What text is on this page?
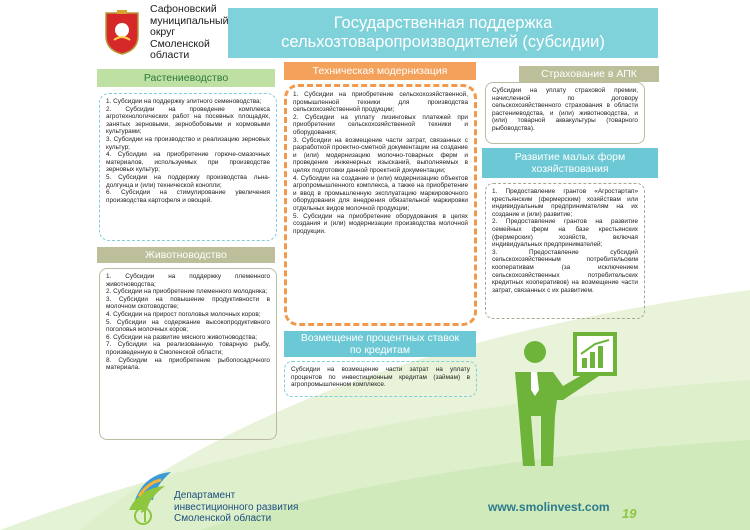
Сафоновский муниципальный округ Смоленской области
Государственная поддержка
сельхозтоваропроизводителей (субсидии)
Растениеводство

1. Субсидии на поддержку элитного семеноводства;

2. Субсидии на проведение комплекса агротехнологических работ на посевных площадях, занятых зерновыми, зернобобовыми и кормовыми культурами;

3. Субсидии на производство и реализацию зерновых культур;

4. Субсидии на приобретение горюче-смазочных материалов, используемых при производстве зерновых культур;

5. Субсидии на поддержку производства льна-долгунца и (или) технической конопли;

6. Субсидии на стимулирование увеличения производства картофеля и овощей.

Животноводство

1. Субсидии на поддержку племенного животноводства;

2. Субсидии на приобретение племенного молодняка;

3. Субсидии на повышение продуктивности в молочном скотоводстве;

4. Субсидии на прирост поголовья молочных коров;

5. Субсидии на содержание высокопродуктивного поголовья молочных коров;

6. Субсидии на развитие мясного животноводства;

7. Субсидии на реализованную товарную рыбу, произведенную в Смоленской области;

8. Субсидии на приобретение рыбопосадочного материала.

Техническая модернизация

1. Субсидии на приобретение сельскохозяйственной, промышленной техники для производства сельскохозяйственной продукции;

2. Субсидии на уплату лизинговых платежей при приобретении сельскохозяйственной техники и оборудования;

3. Субсидии на возмещение части затрат, связанных с разработкой проектно-сметной документации на создание и (или) модернизацию молочно-товарных ферм и проведение инженерных изысканий, выполняемых в целях подготовки данной проектной документации;

4. Субсидии на создание и (или) модернизацию объектов агропромышленного комплекса, а также на приобретение и ввод в промышленную эксплуатацию маркировочного оборудования для внедрения обязательной маркировки отдельных видов молочной продукции;

5. Субсидии на приобретение оборудования в целях создания и (или) модернизации производства молочной продукции.

Возмещение процентных ставок по кредитам

Субсидии на возмещение части затрат на уплату процентов по инвестиционным кредитам (займам) в агропромышленном комплексе.

Страхование в АПК

Субсидии на уплату страховой премии, начисленной по договору сельскохозяйственного страхования в области растениеводства, и (или) животноводства, и (или) товарной аквакультуры (товарного рыбоводства).

Развитие малых форм хозяйствования

1. Предоставление грантов «Агростартап» крестьянским (фермерским) хозяйствам или индивидуальным предпринимателям на их создание и (или) развитие;

2. Предоставление грантов на развитие семейных ферм на базе крестьянских (фермерских) хозяйств, включая индивидуальных предпринимателей;

3. Предоставление субсидий сельскохозяйственным потребительским кооперативам (за исключением сельскохозяйственных потребительских кредитных кооперативов) на возмещение части затрат, связанных с их развитием.

Департамент
инвестиционного развития
Смоленской области
www.smolinvest.com 19
